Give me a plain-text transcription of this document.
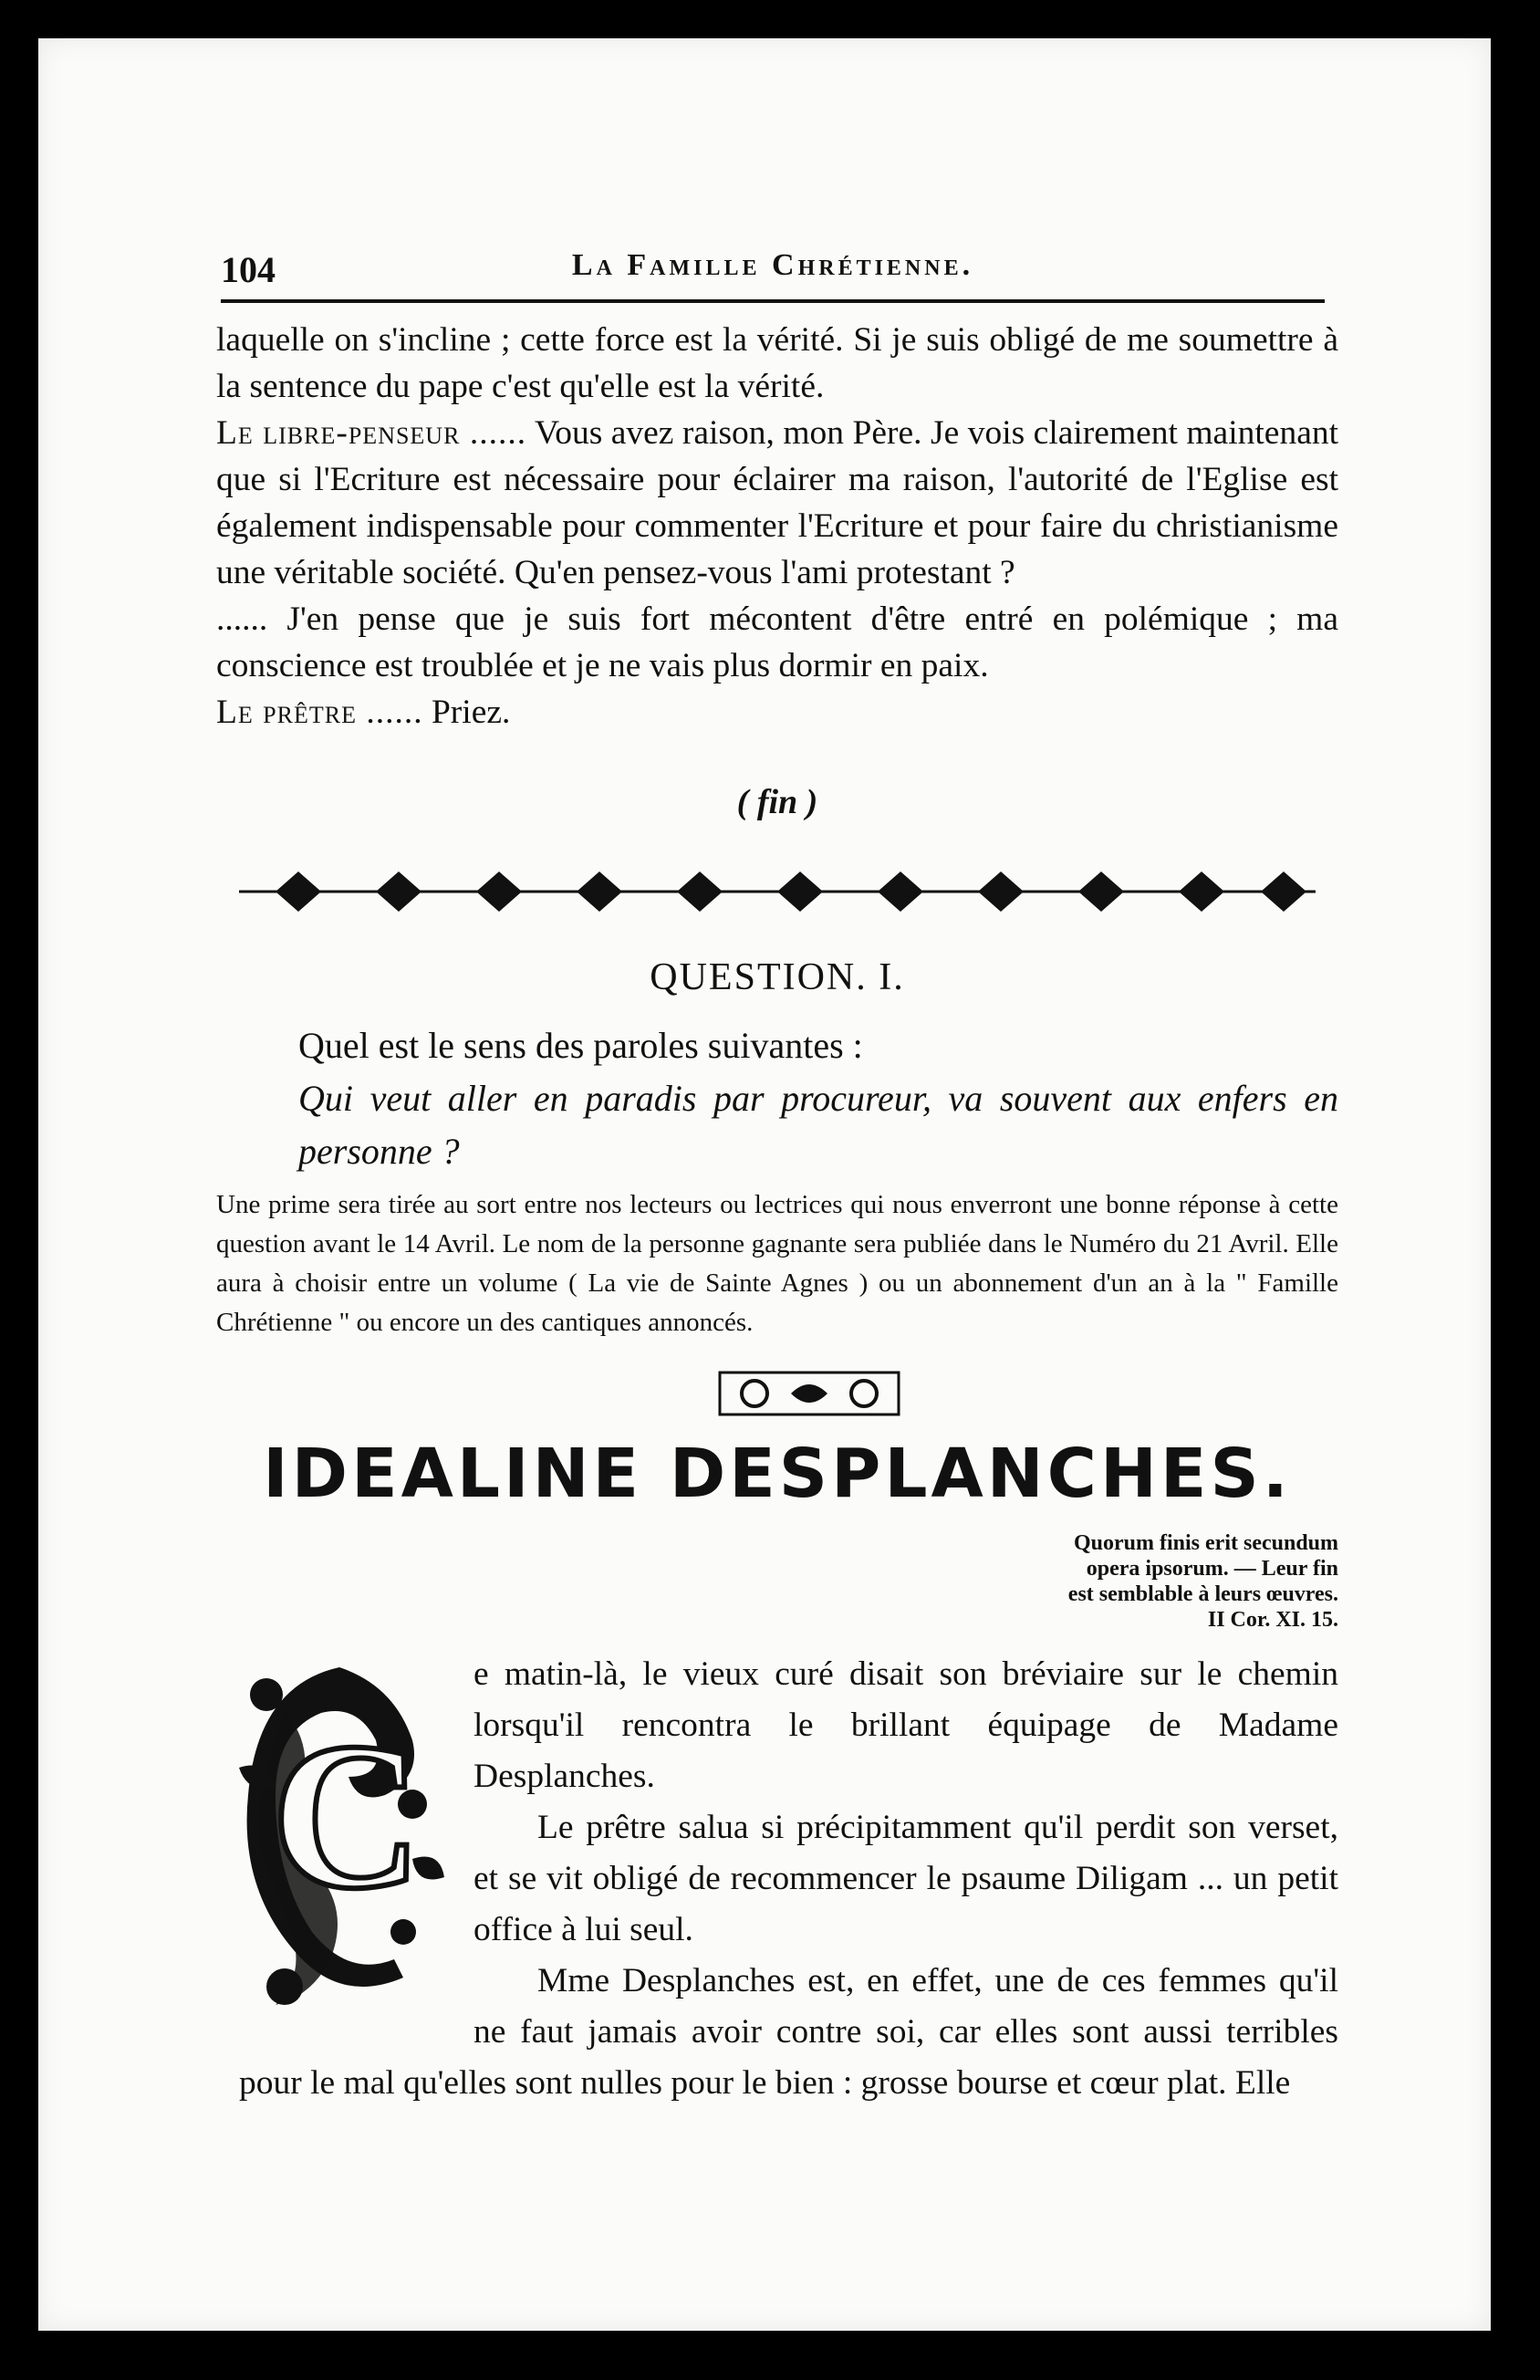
104	La Famille Chrétienne.

laquelle on s'incline ; cette force est la vérité. Si je suis obligé de me soumettre à la sentence du pape c'est qu'elle est la vérité.

Le libre-penseur ...... Vous avez raison, mon Père. Je vois clairement maintenant que si l'Ecriture est nécessaire pour éclairer ma raison, l'autorité de l'Eglise est également indispensable pour commenter l'Ecriture et pour faire du christianisme une véritable société. Qu'en pensez-vous l'ami protestant ?

...... J'en pense que je suis fort mécontent d'être entré en polémique ; ma conscience est troublée et je ne vais plus dormir en paix.

Le prêtre ...... Priez.

( fin )
QUESTION. I.
Quel est le sens des paroles suivantes :
Qui veut aller en paradis par procureur, va souvent aux enfers en personne ?
Une prime sera tirée au sort entre nos lecteurs ou lectrices qui nous enverront une bonne réponse à cette question avant le 14 Avril. Le nom de la personne gagnante sera publiée dans le Numéro du 21 Avril. Elle aura à choisir entre un volume ( La vie de Sainte Agnes ) ou un abonnement d'un an à la " Famille Chrétienne " ou encore un des cantiques annoncés.
IDEALINE DESPLANCHES.
Quorum finis erit secundum
opera ipsorum. — Leur fin
est semblable à leurs œuvres.
II Cor. XI. 15.
C

e matin-là, le vieux curé disait son bréviaire sur le chemin lorsqu'il rencontra le brillant équipage de Madame Desplanches.

Le prêtre salua si précipitamment qu'il perdit son verset, et se vit obligé de recommencer le psaume Diligam ... un petit office à lui seul.

Mme Desplanches est, en effet, une de ces femmes qu'il ne faut jamais avoir contre soi, car elles sont aussi terribles pour le mal qu'elles sont nulles pour le bien : grosse bourse et cœur plat. Elle
